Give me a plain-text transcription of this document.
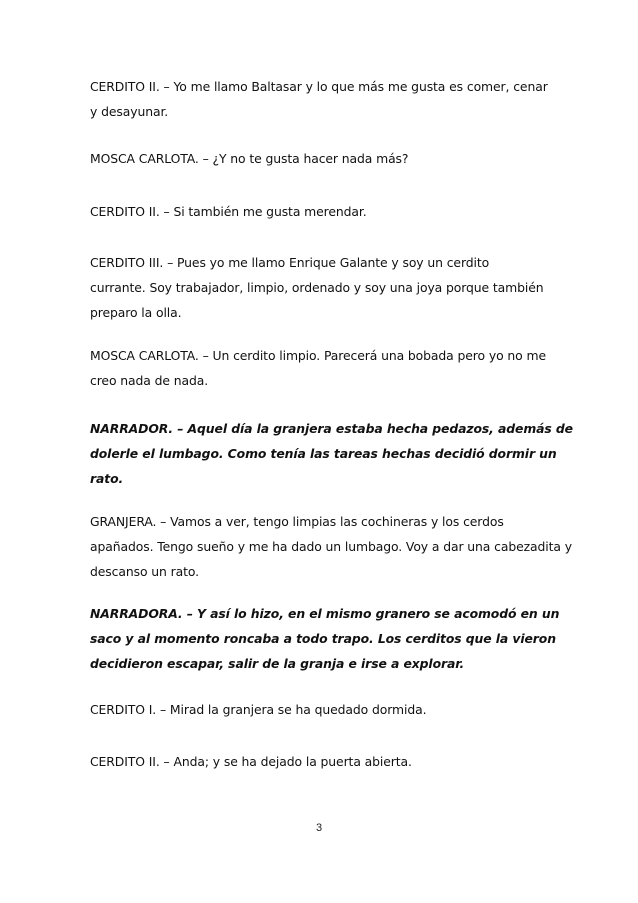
CERDITO II. – Yo me llamo Baltasar y lo que más me gusta es comer, cenar
y desayunar.
MOSCA CARLOTA. – ¿Y no te gusta hacer nada más?
CERDITO II. – Si también me gusta merendar.
CERDITO III. – Pues yo me llamo Enrique Galante y soy un cerdito
currante. Soy trabajador, limpio, ordenado y soy una joya porque también
preparo la olla.
MOSCA CARLOTA. – Un cerdito limpio. Parecerá una bobada pero yo no me
creo nada de nada.
NARRADOR. – Aquel día la granjera estaba hecha pedazos, además de
dolerle el lumbago. Como tenía las tareas hechas decidió dormir un
rato.
GRANJERA. – Vamos a ver, tengo limpias las cochineras y los cerdos
apañados. Tengo sueño y me ha dado un lumbago. Voy a dar una cabezadita y
descanso un rato.
NARRADORA. – Y así lo hizo, en el mismo granero se acomodó en un
saco y al momento roncaba a todo trapo. Los cerditos que la vieron
decidieron escapar, salir de la granja e irse a explorar.
CERDITO I. – Mirad la granjera se ha quedado dormida.
CERDITO II. – Anda; y se ha dejado la puerta abierta.
3
